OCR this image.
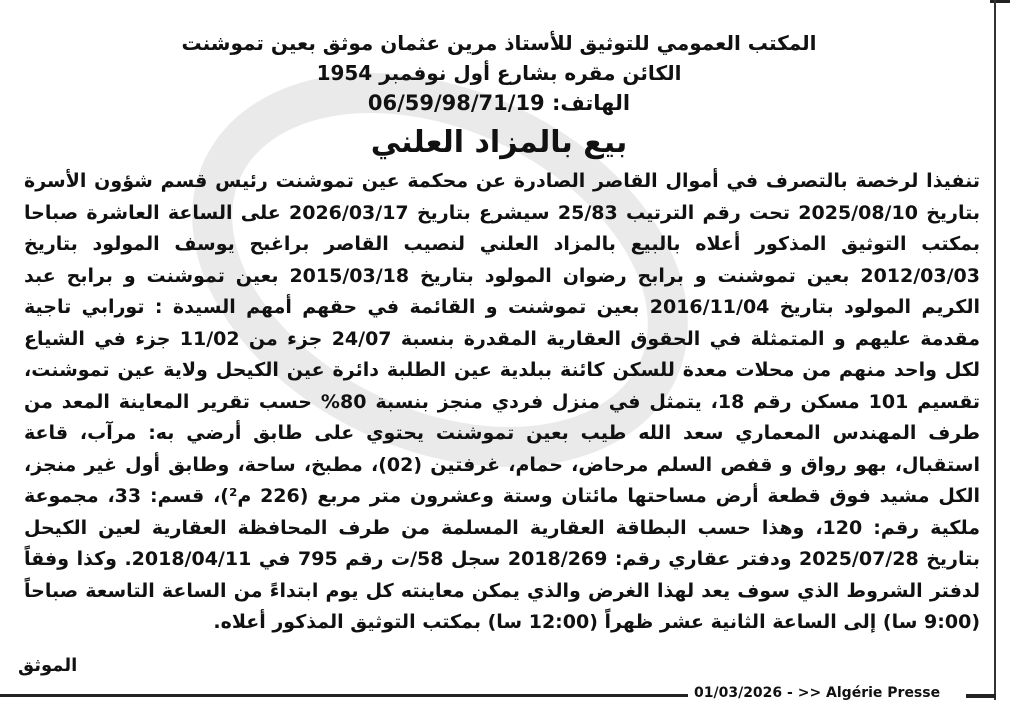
المكتب العمومي للتوثيق للأستاذ مرين عثمان موثق بعين تموشنت

الكائن مقره بشارع أول نوفمبر 1954

الهاتف: 06/59/98/71/19

بيع بالمزاد العلني

تنفيذا لرخصة بالتصرف في أموال القاصر الصادرة عن محكمة عين تموشنت رئيس قسم شؤون الأسرة بتاريخ 2025/08/10 تحت رقم الترتيب 25/83 سيشرع بتاريخ 2026/03/17 على الساعة العاشرة صباحا بمكتب التوثيق المذكور أعلاه بالبيع بالمزاد العلني لنصيب القاصر براغبح يوسف المولود بتاريخ 2012/03/03 بعين تموشنت و برابح رضوان المولود بتاريخ 2015/03/18 بعين تموشنت و برابح عبد الكريم المولود بتاريخ 2016/11/04 بعين تموشنت و القائمة في حقهم أمهم السيدة : تورابي تاجية مقدمة عليهم و المتمثلة في الحقوق العقارية المقدرة بنسبة 24/07 جزء من 11/02 جزء في الشياع لكل واحد منهم من محلات معدة للسكن كائنة ببلدية عين الطلبة دائرة عين الكيحل ولاية عين تموشنت، تقسيم 101 مسكن رقم 18، يتمثل في منزل فردي منجز بنسبة 80% حسب تقرير المعاينة المعد من طرف المهندس المعماري سعد الله طيب بعين تموشنت يحتوي على طابق أرضي به: مرآب، قاعة استقبال، بهو رواق و قفص السلم مرحاض، حمام، غرفتين (02)، مطبخ، ساحة، وطابق أول غير منجز، الكل مشيد فوق قطعة أرض مساحتها مائتان وستة وعشرون متر مربع (226 م²)، قسم: 33، مجموعة ملكية رقم: 120، وهذا حسب البطاقة العقارية المسلمة من طرف المحافظة العقارية لعين الكيحل بتاريخ 2025/07/28 ودفتر عقاري رقم: 2018/269 سجل 58/ت رقم 795 في 2018/04/11. وكذا وفقاً لدفتر الشروط الذي سوف يعد لهذا الغرض والذي يمكن معاينته كل يوم ابتداءً من الساعة التاسعة صباحاً (9:00 سا) إلى الساعة الثانية عشر ظهراً (12:00 سا) بمكتب التوثيق المذكور أعلاه.

الموثق
01/03/2026 - >> Algérie Presse
